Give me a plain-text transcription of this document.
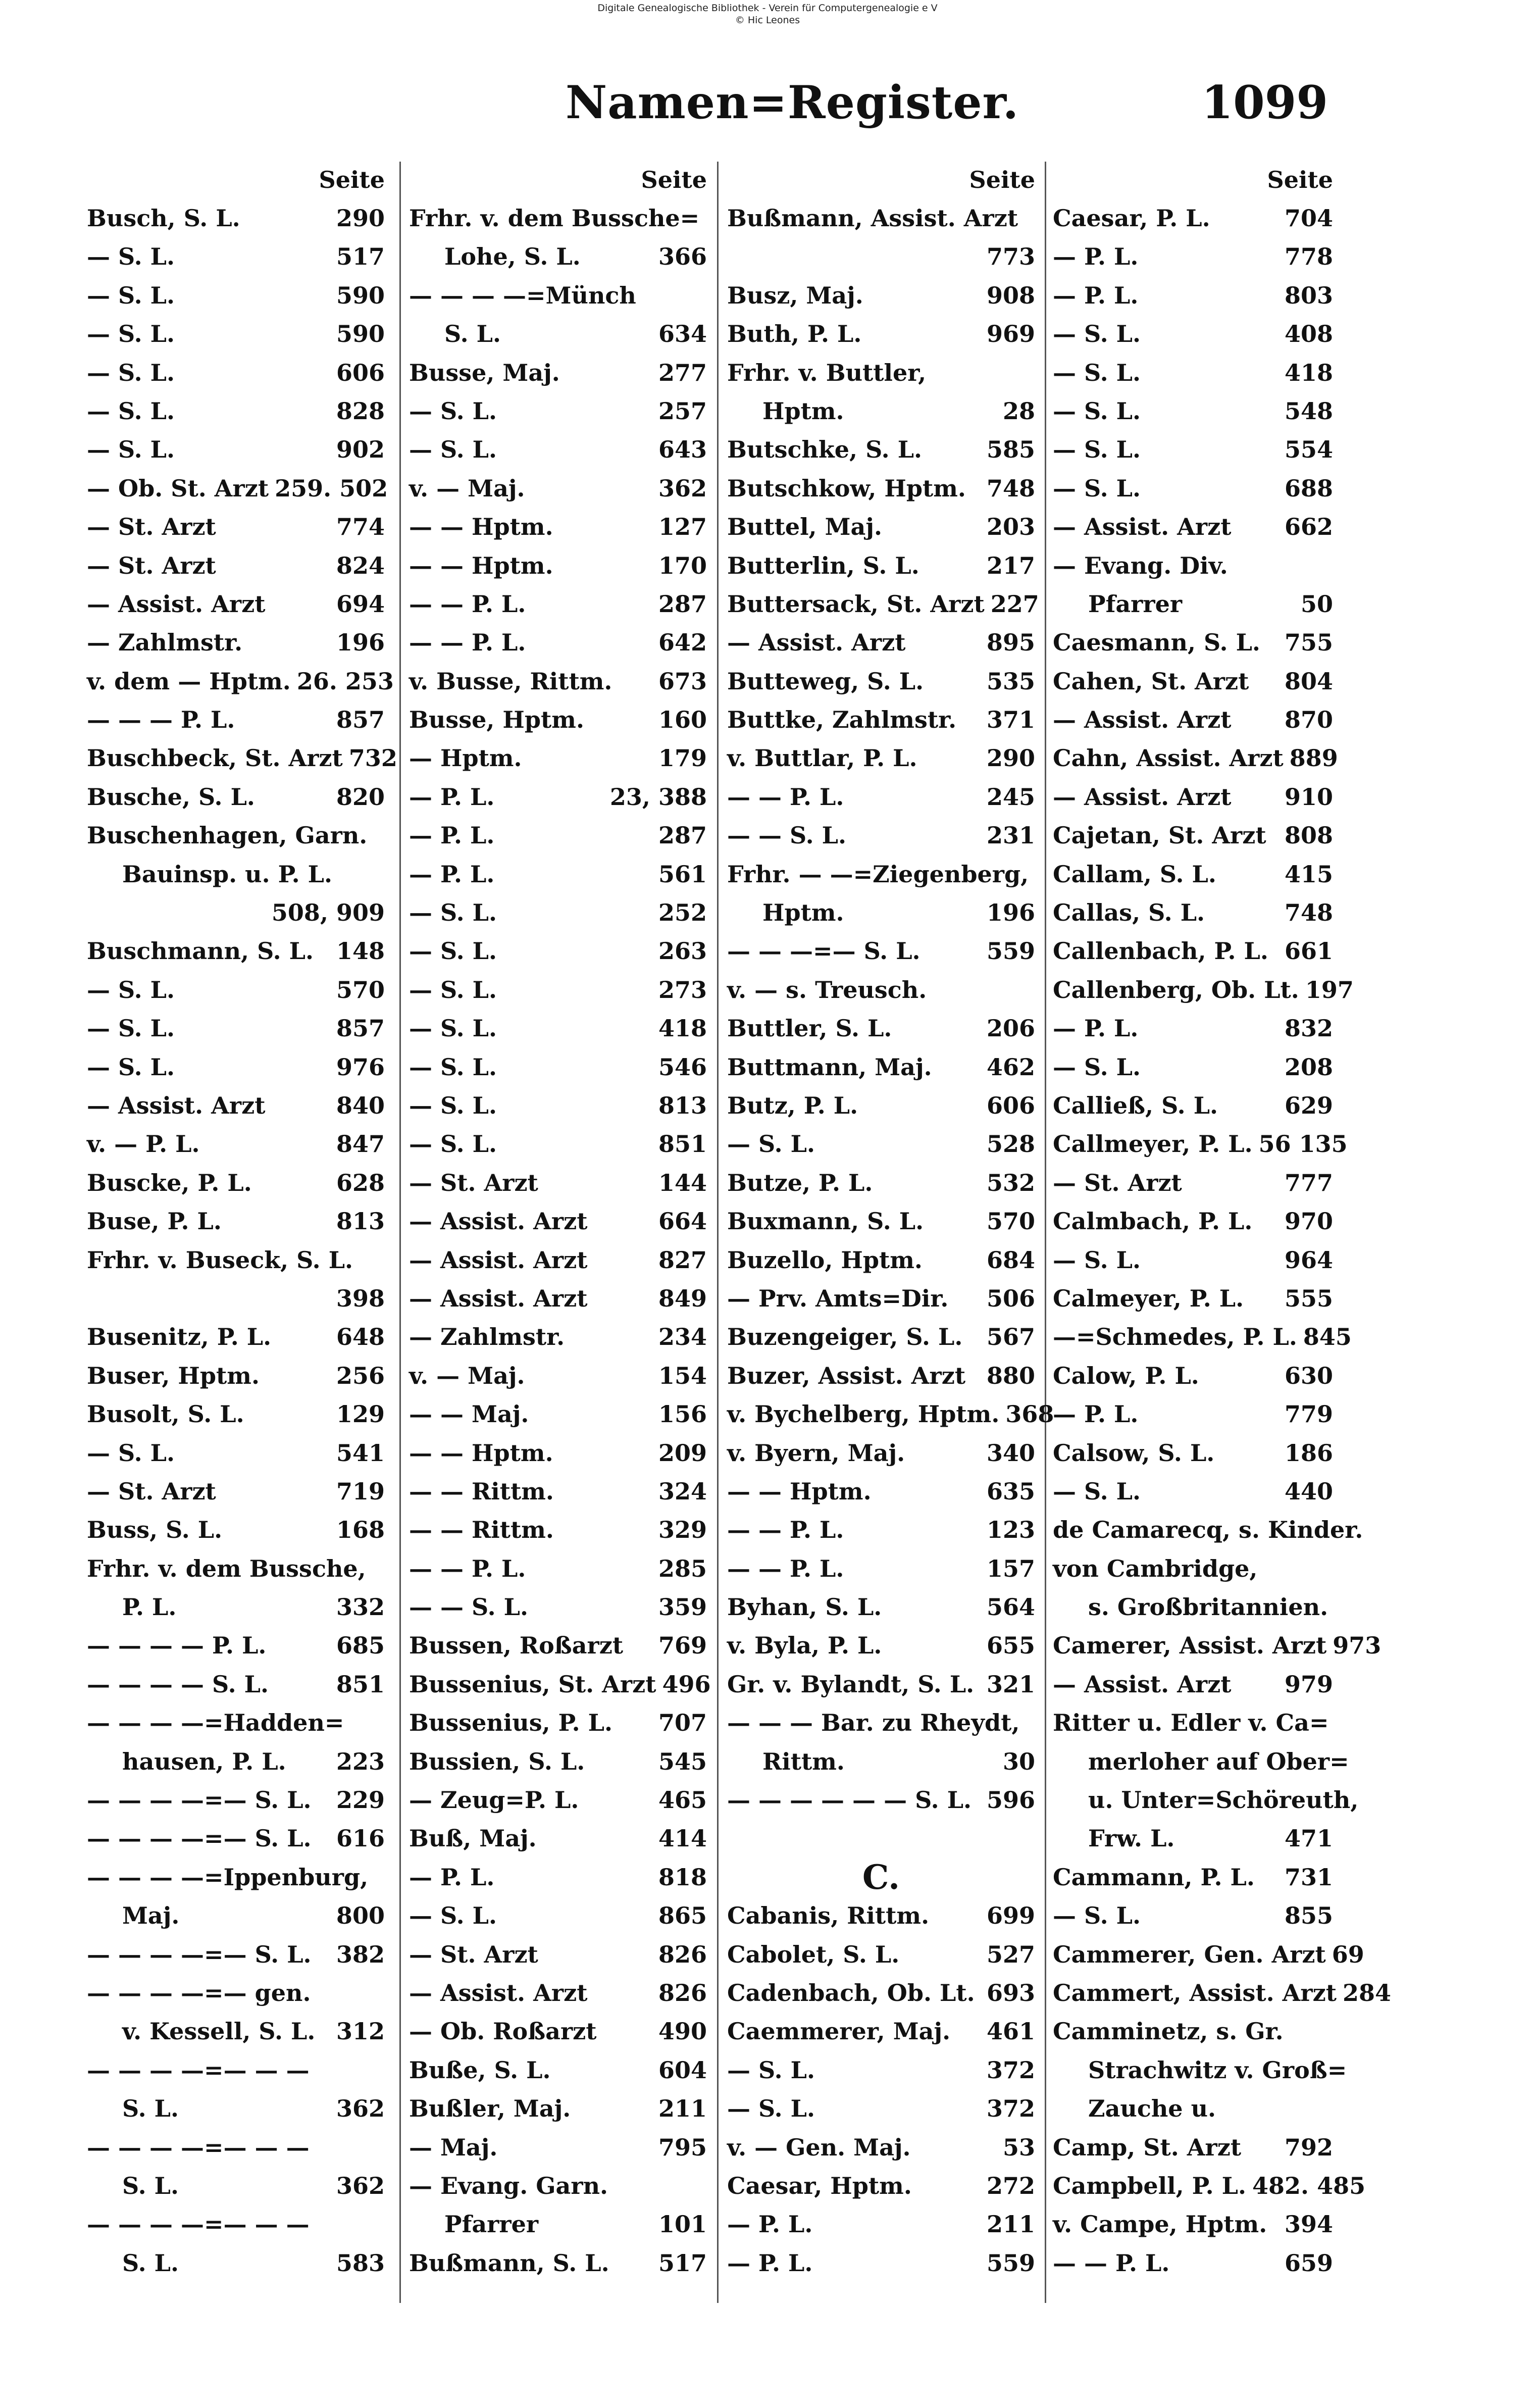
Digitale Genealogische Bibliothek - Verein für Computergenealogie e V
© Hic Leones
Namen=Register.	1099
Seite
Busch, S. L.	290
— S. L.	517
— S. L.	590
— S. L.	590
— S. L.	606
— S. L.	828
— S. L.	902
— Ob. St. Arzt 259. 502
— St. Arzt	774
— St. Arzt	824
— Assist. Arzt	694
— Zahlmstr.	196
v. dem — Hptm. 26. 253
— — — P. L.	857
Buschbeck, St. Arzt 732
Busche, S. L.	820
Buschenhagen, Garn.
Bauinsp. u. P. L.
508, 909
Buschmann, S. L. 148
— S. L.	570
— S. L.	857
— S. L.	976
— Assist. Arzt	840
v. — P. L.	847
Buscke, P. L.	628
Buse, P. L.	813
Frhr. v. Buseck, S. L.
398
Busenitz, P. L.	648
Buser, Hptm.	256
Busolt, S. L.	129
— S. L.	541
— St. Arzt	719
Buss, S. L.	168
Frhr. v. dem Bussche,
P. L.	332
— — — — P. L.	685
— — — — S. L.	851
— — — —=Hadden=
hausen, P. L. 223
— — — —=— S. L. 229
— — — —=— S. L. 616
— — — —=Ippenburg,
Maj.	800
— — — —=— S. L. 382
— — — —=— gen.
v. Kessell, S. L. 312
— — — —=— — —
S. L.	362
— — — —=— — —
S. L.	362
— — — —=— — —
S. L.	583
Seite
Frhr. v. dem Bussche=
Lohe, S. L.	366
— — — —=Münch
S. L.	634
Busse, Maj.	277
— S. L.	257
— S. L.	643
v. — Maj.	362
— — Hptm.	127
— — Hptm.	170
— — P. L.	287
— — P. L.	642
v. Busse, Rittm. 673
Busse, Hptm.	160
— Hptm.	179
— P. L.	23, 388
— P. L.	287
— P. L.	561
— S. L.	252
— S. L.	263
— S. L.	273
— S. L.	418
— S. L.	546
— S. L.	813
— S. L.	851
— St. Arzt	144
— Assist. Arzt	664
— Assist. Arzt	827
— Assist. Arzt	849
— Zahlmstr.	234
v. — Maj.	154
— — Maj.	156
— — Hptm.	209
— — Rittm.	324
— — Rittm.	329
— — P. L.	285
— — S. L.	359
Bussen, Roßarzt 769
Bussenius, St. Arzt 496
Bussenius, P. L. 707
Bussien, S. L.	545
— Zeug=P. L.	465
Buß, Maj.	414
— P. L.	818
— S. L.	865
— St. Arzt	826
— Assist. Arzt	826
— Ob. Roßarzt	490
Buße, S. L.	604
Bußler, Maj.	211
— Maj.	795
— Evang. Garn.
Pfarrer	101
Bußmann, S. L. 517
Seite
Bußmann, Assist. Arzt
773
Busz, Maj.	908
Buth, P. L.	969
Frhr. v. Buttler,
Hptm.	28
Butschke, S. L.	585
Butschkow, Hptm. 748
Buttel, Maj.	203
Butterlin, S. L.	217
Buttersack, St. Arzt 227
— Assist. Arzt	895
Butteweg, S. L.	535
Buttke, Zahlmstr. 371
v. Buttlar, P. L.	290
— — P. L.	245
— — S. L.	231
Frhr. — —=Ziegenberg,
Hptm.	196
— — —=— S. L.	559
v. — s. Treusch.
Buttler, S. L.	206
Buttmann, Maj. 462
Butz, P. L.	606
— S. L.	528
Butze, P. L.	532
Buxmann, S. L.	570
Buzello, Hptm.	684
— Prv. Amts=Dir. 506
Buzengeiger, S. L. 567
Buzer, Assist. Arzt 880
v. Bychelberg, Hptm. 368
v. Byern, Maj.	340
— — Hptm.	635
— — P. L.	123
— — P. L.	157
Byhan, S. L.	564
v. Byla, P. L.	655
Gr. v. Bylandt, S. L. 321
— — — Bar. zu Rheydt,
Rittm.	30
— — — — — — S. L. 596
C.
Cabanis, Rittm. 699
Cabolet, S. L.	527
Cadenbach, Ob. Lt. 693
Caemmerer, Maj. 461
— S. L.	372
— S. L.	372
v. — Gen. Maj.	53
Caesar, Hptm.	272
— P. L.	211
— P. L.	559
Seite
Caesar, P. L.	704
— P. L.	778
— P. L.	803
— S. L.	408
— S. L.	418
— S. L.	548
— S. L.	554
— S. L.	688
— Assist. Arzt 662
— Evang. Div.
Pfarrer	50
Caesmann, S. L. 755
Cahen, St. Arzt 804
— Assist. Arzt 870
Cahn, Assist. Arzt 889
— Assist. Arzt 910
Cajetan, St. Arzt 808
Callam, S. L.	415
Callas, S. L.	748
Callenbach, P. L. 661
Callenberg, Ob. Lt. 197
— P. L.	832
— S. L.	208
Calließ, S. L.	629
Callmeyer, P. L. 56 135
— St. Arzt	777
Calmbach, P. L. 970
— S. L.	964
Calmeyer, P. L. 555
—=Schmedes, P. L. 845
Calow, P. L.	630
— P. L.	779
Calsow, S. L.	186
— S. L.	440
de Camarecq, s. Kinder.
von Cambridge,
s. Großbritannien.
Camerer, Assist. Arzt 973
— Assist. Arzt 979
Ritter u. Edler v. Ca=
merloher auf Ober=
u. Unter=Schöreuth,
Frw. L.	471
Cammann, P. L. 731
— S. L.	855
Cammerer, Gen. Arzt 69
Cammert, Assist. Arzt 284
Camminetz, s. Gr.
Strachwitz v. Groß=
Zauche u.
Camp, St. Arzt 792
Campbell, P. L. 482. 485
v. Campe, Hptm. 394
— — P. L.	659
